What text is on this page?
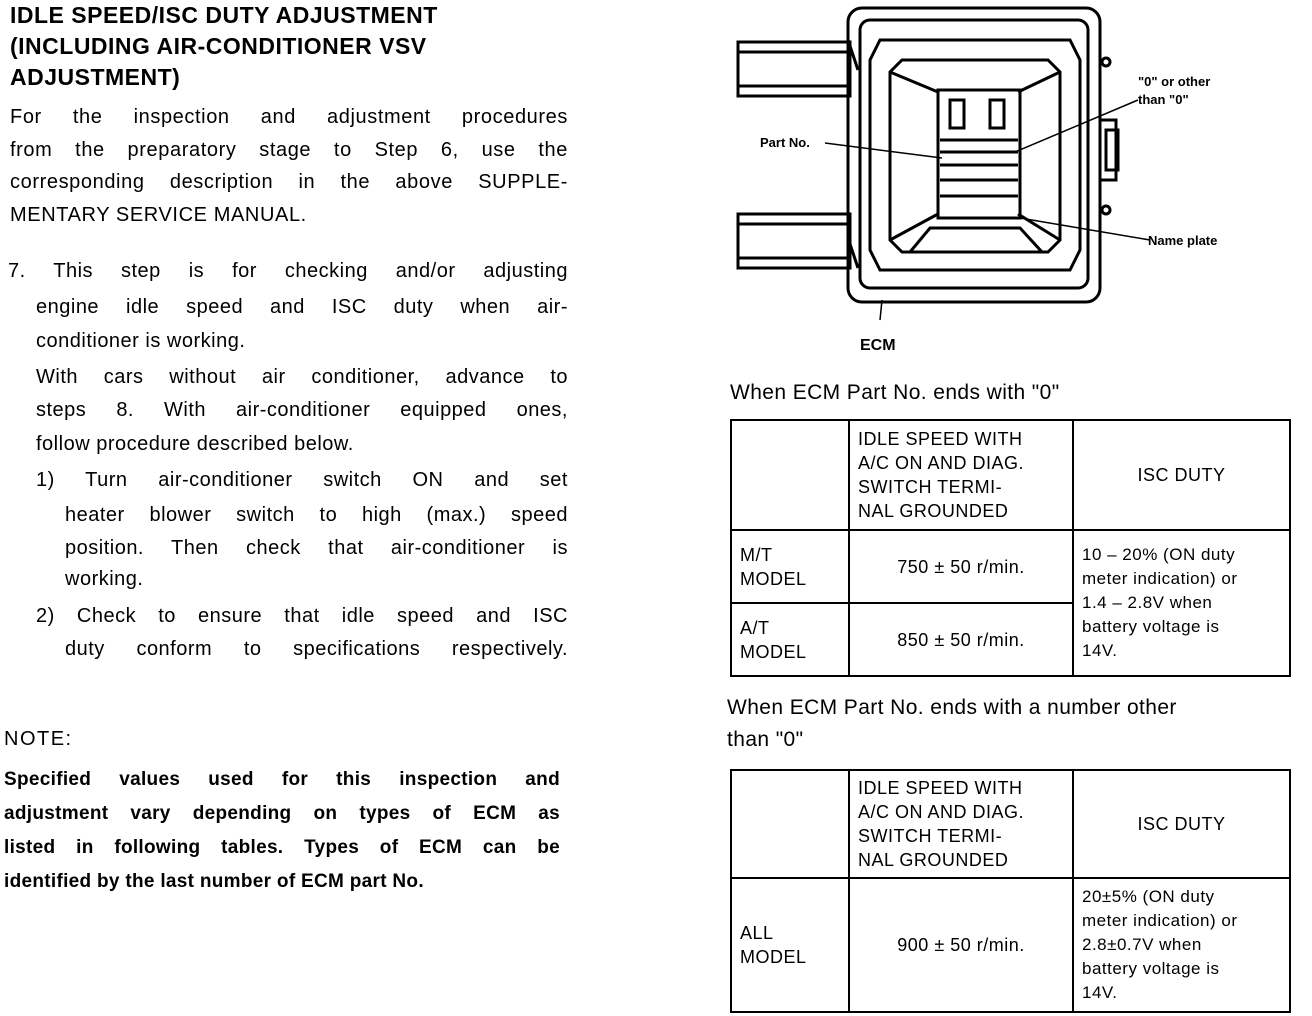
IDLE SPEED/ISC DUTY ADJUSTMENT
(INCLUDING AIR-CONDITIONER VSV
ADJUSTMENT)
For the inspection and adjustment procedures
from the preparatory stage to Step 6, use the
corresponding description in the above SUPPLE-
MENTARY SERVICE MANUAL.
7. This step is for checking and/or adjusting
engine idle speed and ISC duty when air-
conditioner is working.
With cars without air conditioner, advance to
steps 8. With air-conditioner equipped ones,
follow procedure described below.
1) Turn air-conditioner switch ON and set
heater blower switch to high (max.) speed
position. Then check that air-conditioner is
working.
2) Check to ensure that idle speed and ISC
duty conform to specifications respectively.
NOTE:
Specified values used for this inspection and
adjustment vary depending on types of ECM as
listed in following tables. Types of ECM can be
identified by the last number of ECM part No.
"0" or other
than "0"
Part No.
Name plate
ECM
When ECM Part No. ends with "0"
	IDLE SPEED WITH
A/C ON AND DIAG.
SWITCH TERMI-
NAL GROUNDED	ISC DUTY
M/T
MODEL	750 ± 50 r/min.	10 – 20% (ON duty
meter indication) or
1.4 – 2.8V when
battery voltage is
14V.
A/T
MODEL	850 ± 50 r/min.	
When ECM Part No. ends with a number other
than "0"
	IDLE SPEED WITH
A/C ON AND DIAG.
SWITCH TERMI-
NAL GROUNDED	ISC DUTY
ALL
MODEL	900 ± 50 r/min.	20±5% (ON duty
meter indication) or
2.8±0.7V when
battery voltage is
14V.
